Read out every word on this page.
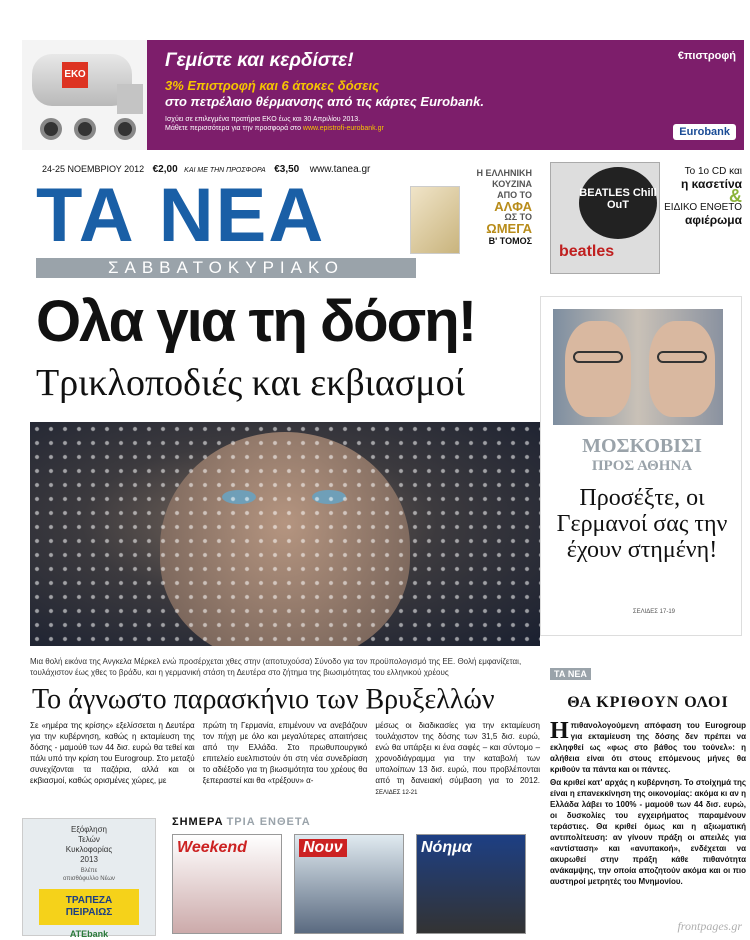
ΕΚΟ
Γεμίστε και κερδίστε!
3% Επιστροφή και 6 άτοκες δόσεις
στο πετρέλαιο θέρμανσης από τις κάρτες Eurobank.
Ισχύει σε επιλεγμένα πρατήρια ΕΚΟ έως και 30 Απριλίου 2013.
Μάθετε περισσότερα για την προσφορά στο www.epistrofi-eurobank.gr
€πιστροφή
Eurobank
24-25 ΝΟΕΜΒΡΙΟΥ 2012 €2,00 ΚΑΙ ΜΕ ΤΗΝ ΠΡΟΣΦΟΡΑ €3,50 www.tanea.gr
ΤΑ ΝΕΑ
ΣΑΒΒΑΤΟΚΥΡΙΑΚΟ
Η ΕΛΛΗΝΙΚΗ
ΚΟΥΖΙΝΑ
ΑΠΟ ΤΟ
ΑΛΦΑ
ΩΣ ΤΟ
ΩΜΕΓΑ
Β' ΤΟΜΟΣ
BEATLES Chill OuT
beatles
Το 1ο CD και
η κασετίνα
&
ΕΙΔΙΚΟ ΕΝΘΕΤΟ
αφιέρωμα
Ολα για τη δόση!
Τρικλοποδιές και εκβιασμοί
Μια θολή εικόνα της Ανγκελα Μέρκελ ενώ προσέρχεται χθες στην (αποτυχούσα) Σύνοδο για τον προϋπολογισμό της ΕΕ. Θολή εμφανίζεται, τουλάχιστον έως χθες το βράδυ, και η γερμανική στάση τη Δευτέρα στο ζήτημα της βιωσιμότητας του ελληνικού χρέους
ΜΟΣΚΟΒΙΣΙ
ΠΡΟΣ ΑΘΗΝΑ
Προσέξτε, οι Γερμανοί σας την έχουν στημένη!
ΣΕΛΙΔΕΣ 17-19
Το άγνωστο παρασκήνιο των Βρυξελλών
Σε «ημέρα της κρίσης» εξελίσσεται η Δευτέρα για την κυβέρνηση, καθώς η εκταμίευση της δόσης - μαμούθ των 44 δισ. ευρώ θα τεθεί και πάλι υπό την κρίση του Eurogroup. Στο μεταξύ συνεχίζονται τα παζάρια, αλλά και οι εκβιασμοί, καθώς ορισμένες χώρες, με
πρώτη τη Γερμανία, επιμένουν να ανεβάζουν τον πήχη με όλο και μεγαλύτερες απαιτήσεις από την Ελλάδα. Στο πρωθυπουργικό επιτελείο ευελπιστούν ότι στη νέα συνεδρίαση το αδιέξοδο για τη βιωσιμότητα του χρέους θα ξεπεραστεί και θα «τρέξουν» α-
μέσως οι διαδικασίες για την εκταμίευση τουλάχιστον της δόσης των 31,5 δισ. ευρώ, ενώ θα υπάρξει κι ένα σαφές – και σύντομο – χρονοδιάγραμμα για την καταβολή των υπολοίπων 13 δισ. ευρώ, που προβλέπονται από τη δανειακή σύμβαση για το 2012. ΣΕΛΙΔΕΣ 12-21
ΤΑ ΝΕΑ
ΘΑ ΚΡΙΘΟΥΝ ΟΛΟΙ

Ηπιθανολογούμενη απόφαση του Eurogroup για εκταμίευση της δόσης δεν πρέπει να εκληφθεί ως «φως στο βάθος του τούνελ»: η αλήθεια είναι ότι στους επόμενους μήνες θα κριθούν τα πάντα και οι πάντες.

Θα κριθεί κατ' αρχάς η κυβέρνηση. Το στοίχημά της είναι η επανεκκίνηση της οικονομίας: ακόμα κι αν η Ελλάδα λάβει το 100% - μαμούθ των 44 δισ. ευρώ, οι δυσκολίες του εγχειρήματος παραμένουν τεράστιες. Θα κριθεί όμως και η αξιωματική αντιπολίτευση: αν γίνουν πράξη οι απειλές για «αντίσταση» και «ανυπακοή», ενδέχεται να ακυρωθεί στην πράξη κάθε πιθανότητα ανάκαμψης, την οποία αποζητούν ακόμα και οι πιο αυστηροί μετρητές του Μνημονίου.

Εξόφληση
Τελών
Κυκλοφορίας
2013
Βλέπε
οπισθόφυλλο Νέων
ΤΡΑΠΕΖΑ
ΠΕΙΡΑΙΩΣ
ATEbank
ΣΗΜΕΡΑ ΤΡΙΑ ΕΝΘΕΤΑ
Weekend	Νουν	Νόημα
frontpages.gr
